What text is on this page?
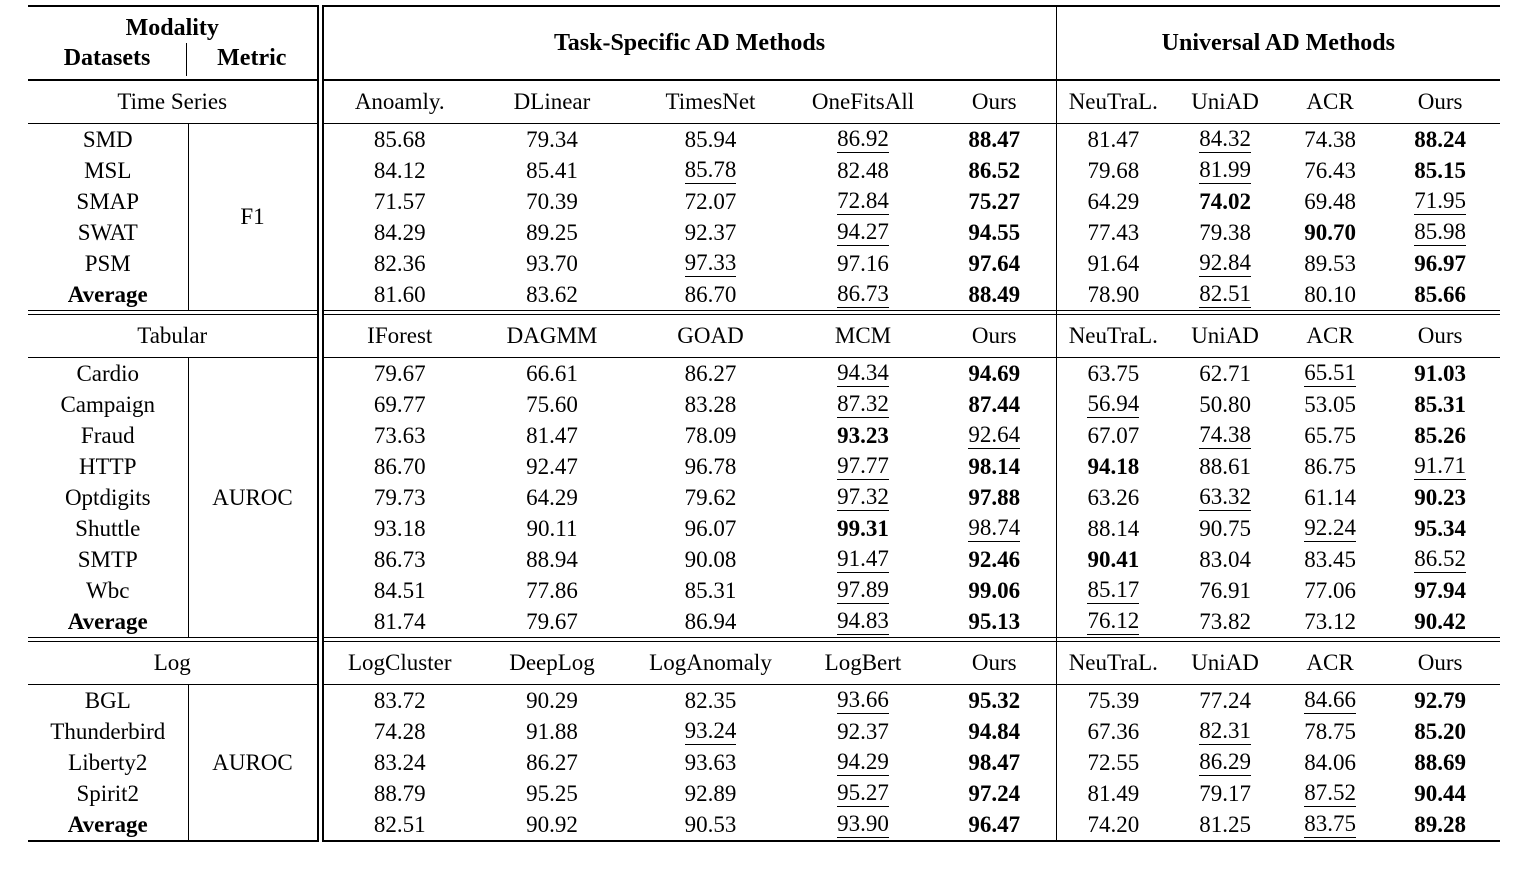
Modality
Datasets Metric		Task-Specific AD Methods					Universal AD Methods			
Time Series		Anoamly.	DLinear	TimesNet	OneFitsAll	Ours	NeuTraL.	UniAD	ACR	Ours
SMD	F1	85.68	79.34	85.94	86.92	88.47	81.47	84.32	74.38	88.24
MSL		84.12	85.41	85.78	82.48	86.52	79.68	81.99	76.43	85.15
SMAP		71.57	70.39	72.07	72.84	75.27	64.29	74.02	69.48	71.95
SWAT		84.29	89.25	92.37	94.27	94.55	77.43	79.38	90.70	85.98
PSM		82.36	93.70	97.33	97.16	97.64	91.64	92.84	89.53	96.97
Average		81.60	83.62	86.70	86.73	88.49	78.90	82.51	80.10	85.66

Tabular		IForest	DAGMM	GOAD	MCM	Ours	NeuTraL.	UniAD	ACR	Ours
Cardio	AUROC	79.67	66.61	86.27	94.34	94.69	63.75	62.71	65.51	91.03
Campaign		69.77	75.60	83.28	87.32	87.44	56.94	50.80	53.05	85.31
Fraud		73.63	81.47	78.09	93.23	92.64	67.07	74.38	65.75	85.26
HTTP		86.70	92.47	96.78	97.77	98.14	94.18	88.61	86.75	91.71
Optdigits		79.73	64.29	79.62	97.32	97.88	63.26	63.32	61.14	90.23
Shuttle		93.18	90.11	96.07	99.31	98.74	88.14	90.75	92.24	95.34
SMTP		86.73	88.94	90.08	91.47	92.46	90.41	83.04	83.45	86.52
Wbc		84.51	77.86	85.31	97.89	99.06	85.17	76.91	77.06	97.94
Average		81.74	79.67	86.94	94.83	95.13	76.12	73.82	73.12	90.42

Log		LogCluster	DeepLog	LogAnomaly	LogBert	Ours	NeuTraL.	UniAD	ACR	Ours
BGL	AUROC	83.72	90.29	82.35	93.66	95.32	75.39	77.24	84.66	92.79
Thunderbird		74.28	91.88	93.24	92.37	94.84	67.36	82.31	78.75	85.20
Liberty2		83.24	86.27	93.63	94.29	98.47	72.55	86.29	84.06	88.69
Spirit2		88.79	95.25	92.89	95.27	97.24	81.49	79.17	87.52	90.44
Average		82.51	90.92	90.53	93.90	96.47	74.20	81.25	83.75	89.28
